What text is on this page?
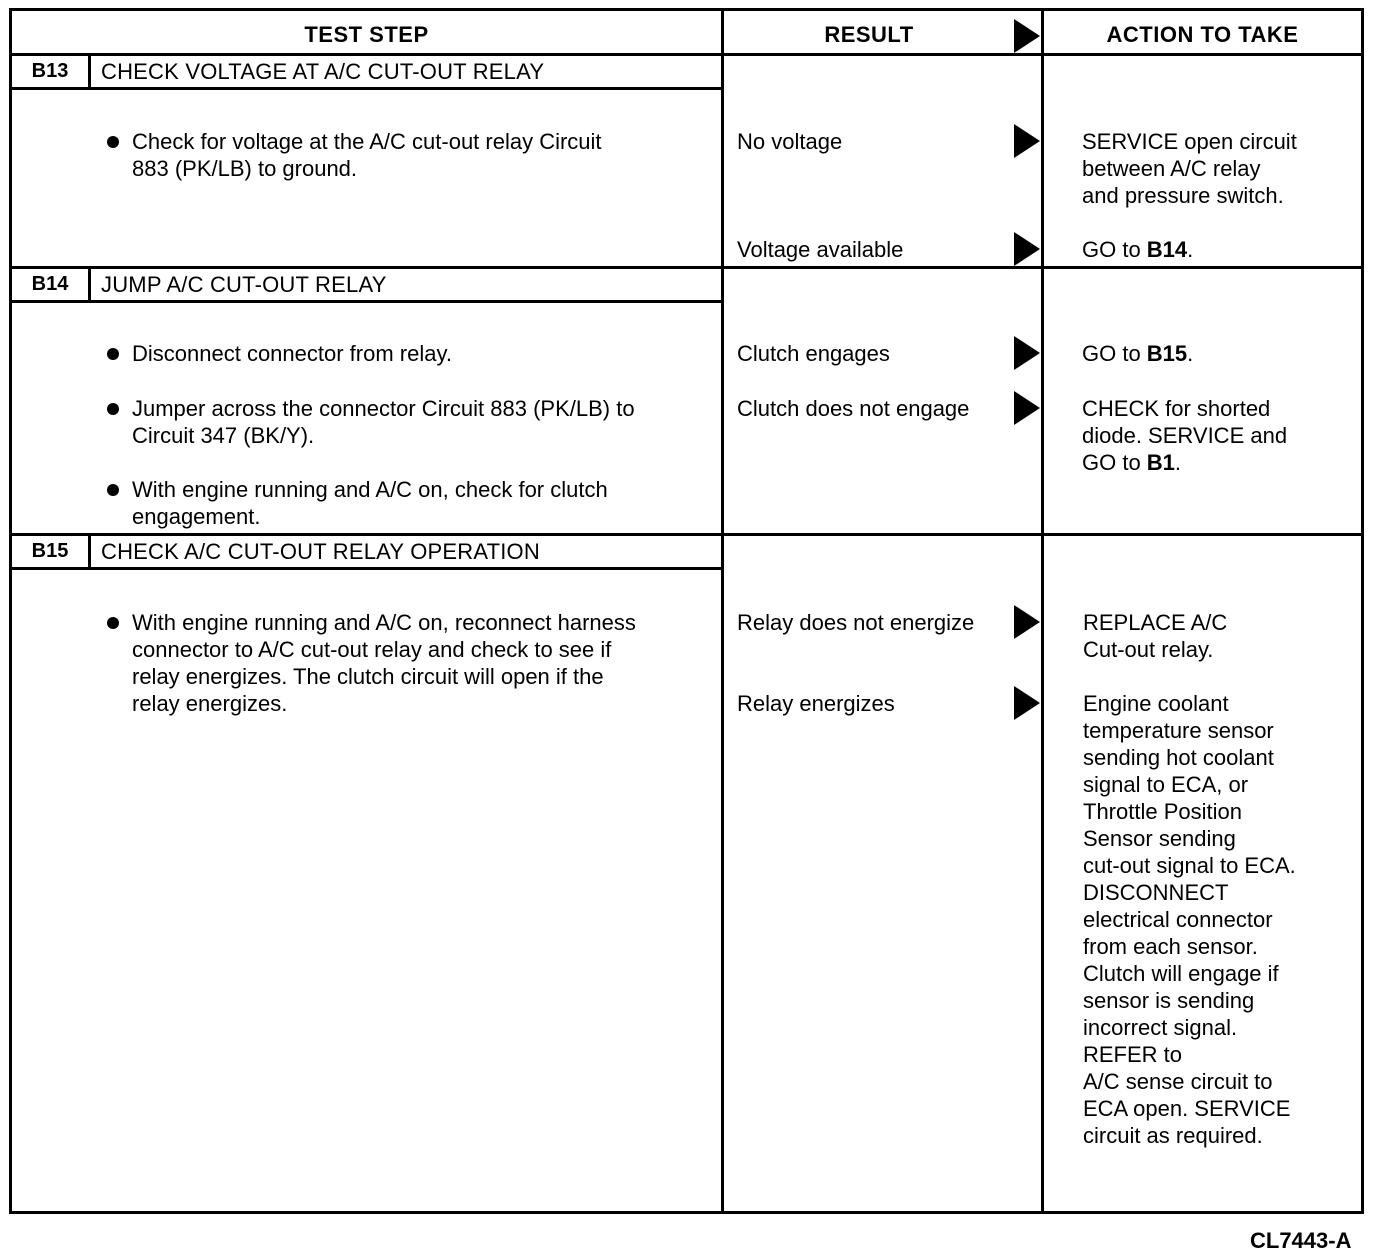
TEST STEP	RESULT	ACTION TO TAKE
B13	CHECK VOLTAGE AT A/C CUT-OUT RELAY
Check for voltage at the A/C cut-out relay Circuit
883 (PK/LB) to ground.
No voltage	SERVICE open circuit
between A/C relay
and pressure switch.
Voltage available	GO to B14.
B14	JUMP A/C CUT-OUT RELAY
Disconnect connector from relay.
Jumper across the connector Circuit 883 (PK/LB) to
Circuit 347 (BK/Y).
With engine running and A/C on, check for clutch
engagement.
Clutch engages	GO to B15.
Clutch does not engage	CHECK for shorted
diode. SERVICE and
GO to B1.
B15	CHECK A/C CUT-OUT RELAY OPERATION
With engine running and A/C on, reconnect harness
connector to A/C cut-out relay and check to see if
relay energizes. The clutch circuit will open if the
relay energizes.
Relay does not energize	REPLACE A/C
Cut-out relay.
Relay energizes	Engine coolant
temperature sensor
sending hot coolant
signal to ECA, or
Throttle Position
Sensor sending
cut-out signal to ECA.
DISCONNECT
electrical connector
from each sensor.
Clutch will engage if
sensor is sending
incorrect signal.
REFER to
A/C sense circuit to
ECA open. SERVICE
circuit as required.
CL7443-A
